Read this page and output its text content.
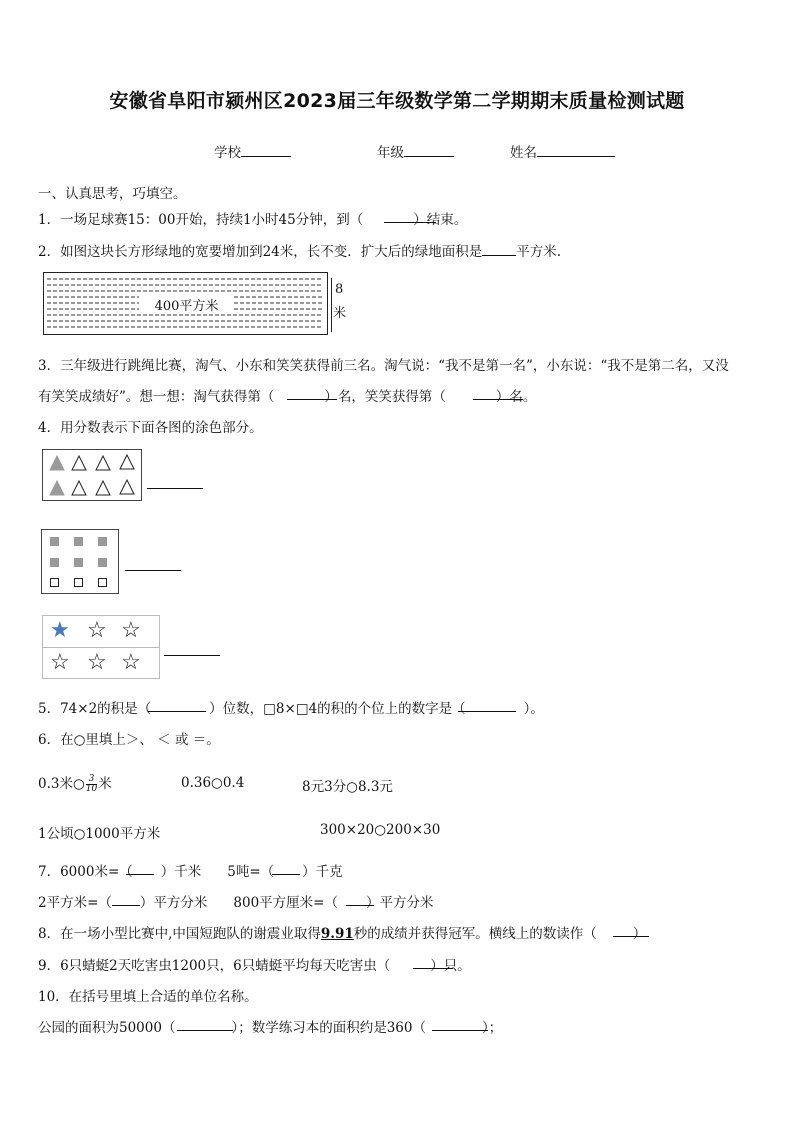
安徽省阜阳市颍州区2023届三年级数学第二学期期末质量检测试题
学校	年级	姓名
一、认真思考，巧填空。
1．一场足球赛15：00开始，持续1小时45分钟，到（	）结束。
2．如图这块长方形绿地的宽要增加到24米，长不变．扩大后的绿地面积是	平方米.
400平方米
8
米
3．三年级进行跳绳比赛，淘气、小东和笑笑获得前三名。淘气说：“我不是第一名”，小东说：“我不是第二名，又没
有笑笑成绩好”。想一想：淘气获得第（	）名，笑笑获得第（	）名。
4．用分数表示下面各图的涂色部分。
★ ☆ ☆
☆ ☆ ☆
5．74×2的积是（	）位数，□8×□4的积的个位上的数字是（	）。
6．在○里填上＞、 ＜ 或 ＝。
0.3米○ $\frac{3}{10}$ 米	0.36○0.4	8元3分○8.3元
1公顷○1000平方米	300×20○200×30
7．6000米=（ ）千米 5吨=（ ）千克
2平方米=（ ）平方分米 800平方厘米=（ ）平方分米
8．在一场小型比赛中,中国短跑队的谢震业取得9.91秒的成绩并获得冠军。横线上的数读作（	）
9．6只蜻蜓2天吃害虫1200只，6只蜻蜓平均每天吃害虫（	）只。
10．在括号里填上合适的单位名称。
公园的面积为50000（	）；数学练习本的面积约是360（	）；
